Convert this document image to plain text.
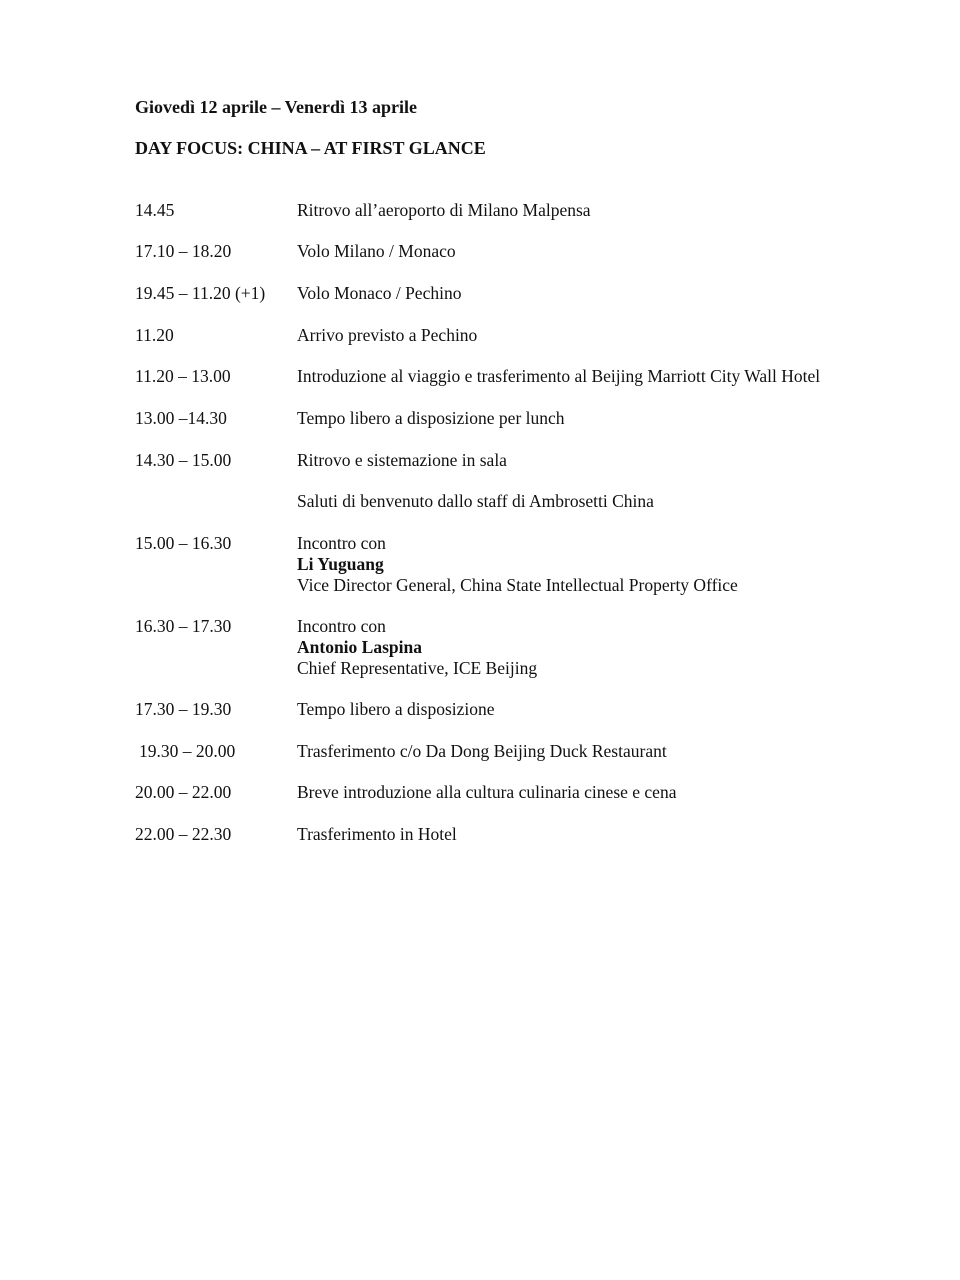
Giovedì 12 aprile – Venerdì 13 aprile
DAY FOCUS: CHINA – AT FIRST GLANCE
14.45	Ritrovo all’aeroporto di Milano Malpensa
17.10 – 18.20	Volo Milano / Monaco
19.45 – 11.20 (+1) Volo Monaco / Pechino
11.20	Arrivo previsto a Pechino
11.20 – 13.00	Introduzione al viaggio e trasferimento al Beijing Marriott City Wall Hotel
13.00 –14.30	Tempo libero a disposizione per lunch
14.30 – 15.00	Ritrovo e sistemazione in sala
Saluti di benvenuto dallo staff di Ambrosetti China
15.00 – 16.30	Incontro con
Li Yuguang
Vice Director General, China State Intellectual Property Office
16.30 – 17.30	Incontro con
Antonio Laspina
Chief Representative, ICE Beijing
17.30 – 19.30	Tempo libero a disposizione
19.30 – 20.00	Trasferimento c/o Da Dong Beijing Duck Restaurant
20.00 – 22.00	Breve introduzione alla cultura culinaria cinese e cena
22.00 – 22.30	Trasferimento in Hotel
